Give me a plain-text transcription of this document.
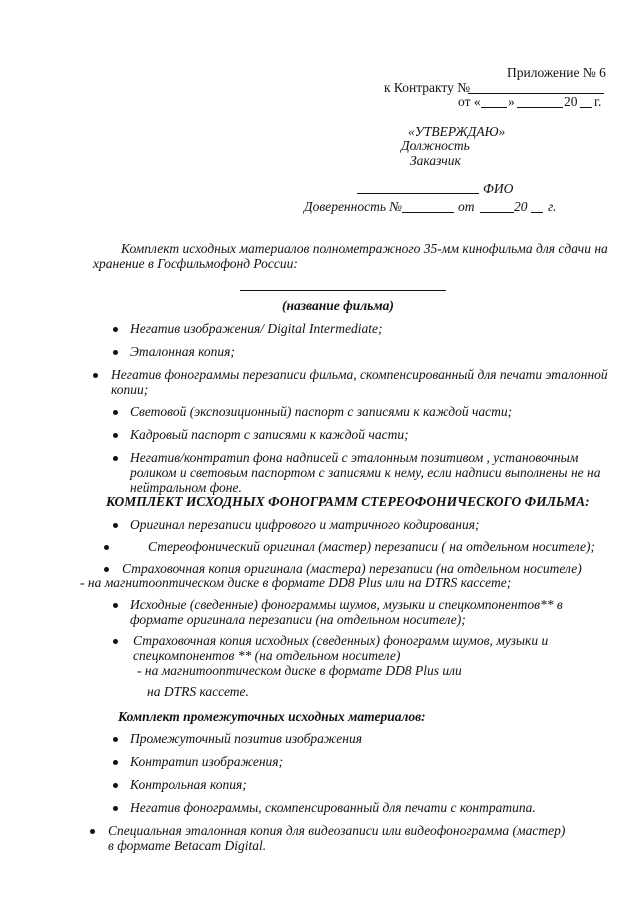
Приложение № 6
к Контракту №
от « »	20 г.
«УТВЕРЖДАЮ»
Должность
Заказчик
ФИО
Доверенность №	от	20 г.
Комплект исходных материалов полнометражного 35-мм кинофильма для сдачи на
хранение в Госфильмофонд России:
(название фильма)
Негатив изображения/ Digital Intermediate;
Эталонная копия;
Негатив фонограммы перезаписи фильма, скомпенсированный для печати эталонной
копии;
Световой (экспозиционный) паспорт с записями к каждой части;
Кадровый паспорт с записями к каждой части;
Негатив/контратип фона надписей с эталонным позитивом , установочным
роликом и световым паспортом с записями к нему, если надписи выполнены не на
нейтральном фоне.
КОМПЛЕКТ ИСХОДНЫХ ФОНОГРАММ СТЕРЕОФОНИЧЕСКОГО ФИЛЬМА:
Оригинал перезаписи цифрового и матричного кодирования;
Стереофонический оригинал (мастер) перезаписи ( на отдельном носителе);
Страховочная копия оригинала (мастера) перезаписи (на отдельном носителе)
- на магнитооптическом диске в формате DD8 Plus или на DTRS кассете;
Исходные (сведенные) фонограммы шумов, музыки и спецкомпонентов** в
формате оригинала перезаписи (на отдельном носителе);
Страховочная копия исходных (сведенных) фонограмм шумов, музыки и
спецкомпонентов ** (на отдельном носителе)
- на магнитооптическом диске в формате DD8 Plus или
на DTRS кассете.
Комплект промежуточных исходных материалов:
Промежуточный позитив изображения
Контратип изображения;
Контрольная копия;
Негатив фонограммы, скомпенсированный для печати с контратипа.
Специальная эталонная копия для видеозаписи или видеофонограмма (мастер)
в формате Betacam Digital.
